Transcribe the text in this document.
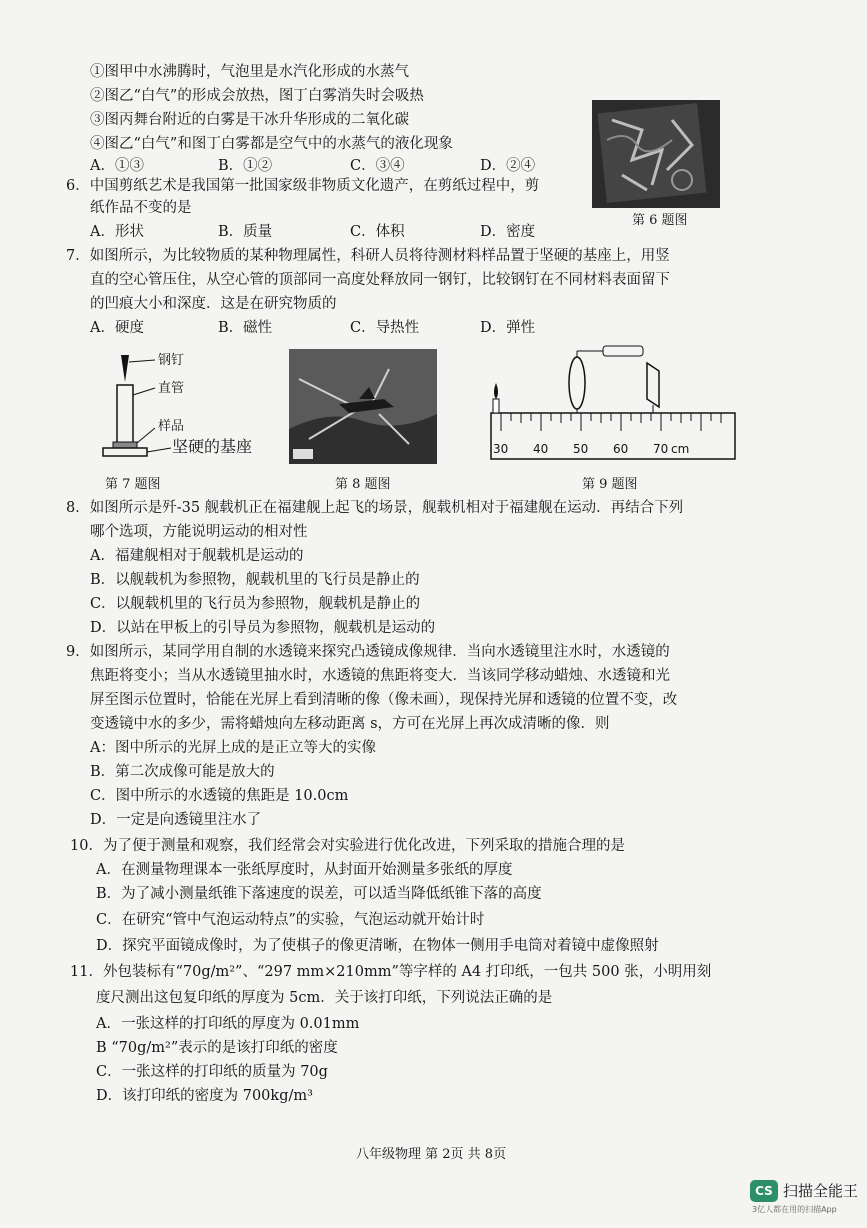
①图甲中水沸腾时，气泡里是水汽化形成的水蒸气
②图乙“白气”的形成会放热，图丁白雾消失时会吸热
③图丙舞台附近的白雾是干冰升华形成的二氧化碳
④图乙“白气”和图丁白雾都是空气中的水蒸气的液化现象
A．①③	B．①②	C．③④	D．②④
第 6 题图
6．中国剪纸艺术是我国第一批国家级非物质文化遗产，在剪纸过程中，剪
纸作品不变的是
A．形状	B．质量	C．体积	D．密度
7．如图所示，为比较物质的某种物理属性，科研人员将待测材料样品置于坚硬的基座上，用竖
直的空心管压住，从空心管的顶部同一高度处释放同一钢钉，比较钢钉在不同材料表面留下
的凹痕大小和深度．这是在研究物质的
A．硬度	B．磁性	C．导热性	D．弹性
钢钉
直管
样品
坚硬的基座
第 7 题图	第 8 题图
30 40 50 60 70 cm
第 9 题图
8．如图所示是歼-35 舰载机正在福建舰上起飞的场景，舰载机相对于福建舰在运动．再结合下列
哪个选项，方能说明运动的相对性
A．福建舰相对于舰载机是运动的
B．以舰载机为参照物，舰载机里的飞行员是静止的
C．以舰载机里的飞行员为参照物，舰载机是静止的
D．以站在甲板上的引导员为参照物，舰载机是运动的
9．如图所示，某同学用自制的水透镜来探究凸透镜成像规律．当向水透镜里注水时，水透镜的
焦距将变小；当从水透镜里抽水时，水透镜的焦距将变大．当该同学移动蜡烛、水透镜和光
屏至图示位置时，恰能在光屏上看到清晰的像（像未画），现保持光屏和透镜的位置不变，改
变透镜中水的多少，需将蜡烛向左移动距离 s，方可在光屏上再次成清晰的像．则
A：图中所示的光屏上成的是正立等大的实像
B．第二次成像可能是放大的
C．图中所示的水透镜的焦距是 10.0cm
D．一定是向透镜里注水了
10．为了便于测量和观察，我们经常会对实验进行优化改进，下列采取的措施合理的是
A．在测量物理课本一张纸厚度时，从封面开始测量多张纸的厚度
B．为了减小测量纸锥下落速度的误差，可以适当降低纸锥下落的高度
C．在研究“管中气泡运动特点”的实验，气泡运动就开始计时
D．探究平面镜成像时，为了使棋子的像更清晰，在物体一侧用手电筒对着镜中虚像照射
11．外包装标有“70g/m²”、“297 mm×210mm”等字样的 A4 打印纸，一包共 500 张，小明用刻
度尺测出这包复印纸的厚度为 5cm．关于该打印纸，下列说法正确的是
A．一张这样的打印纸的厚度为 0.01mm
B “70g/m²”表示的是该打印纸的密度
C．一张这样的打印纸的质量为 70g
D．该打印纸的密度为 700kg/m³
八年级物理 第 2页 共 8页
CS 扫描全能王
3亿人都在用的扫描App
